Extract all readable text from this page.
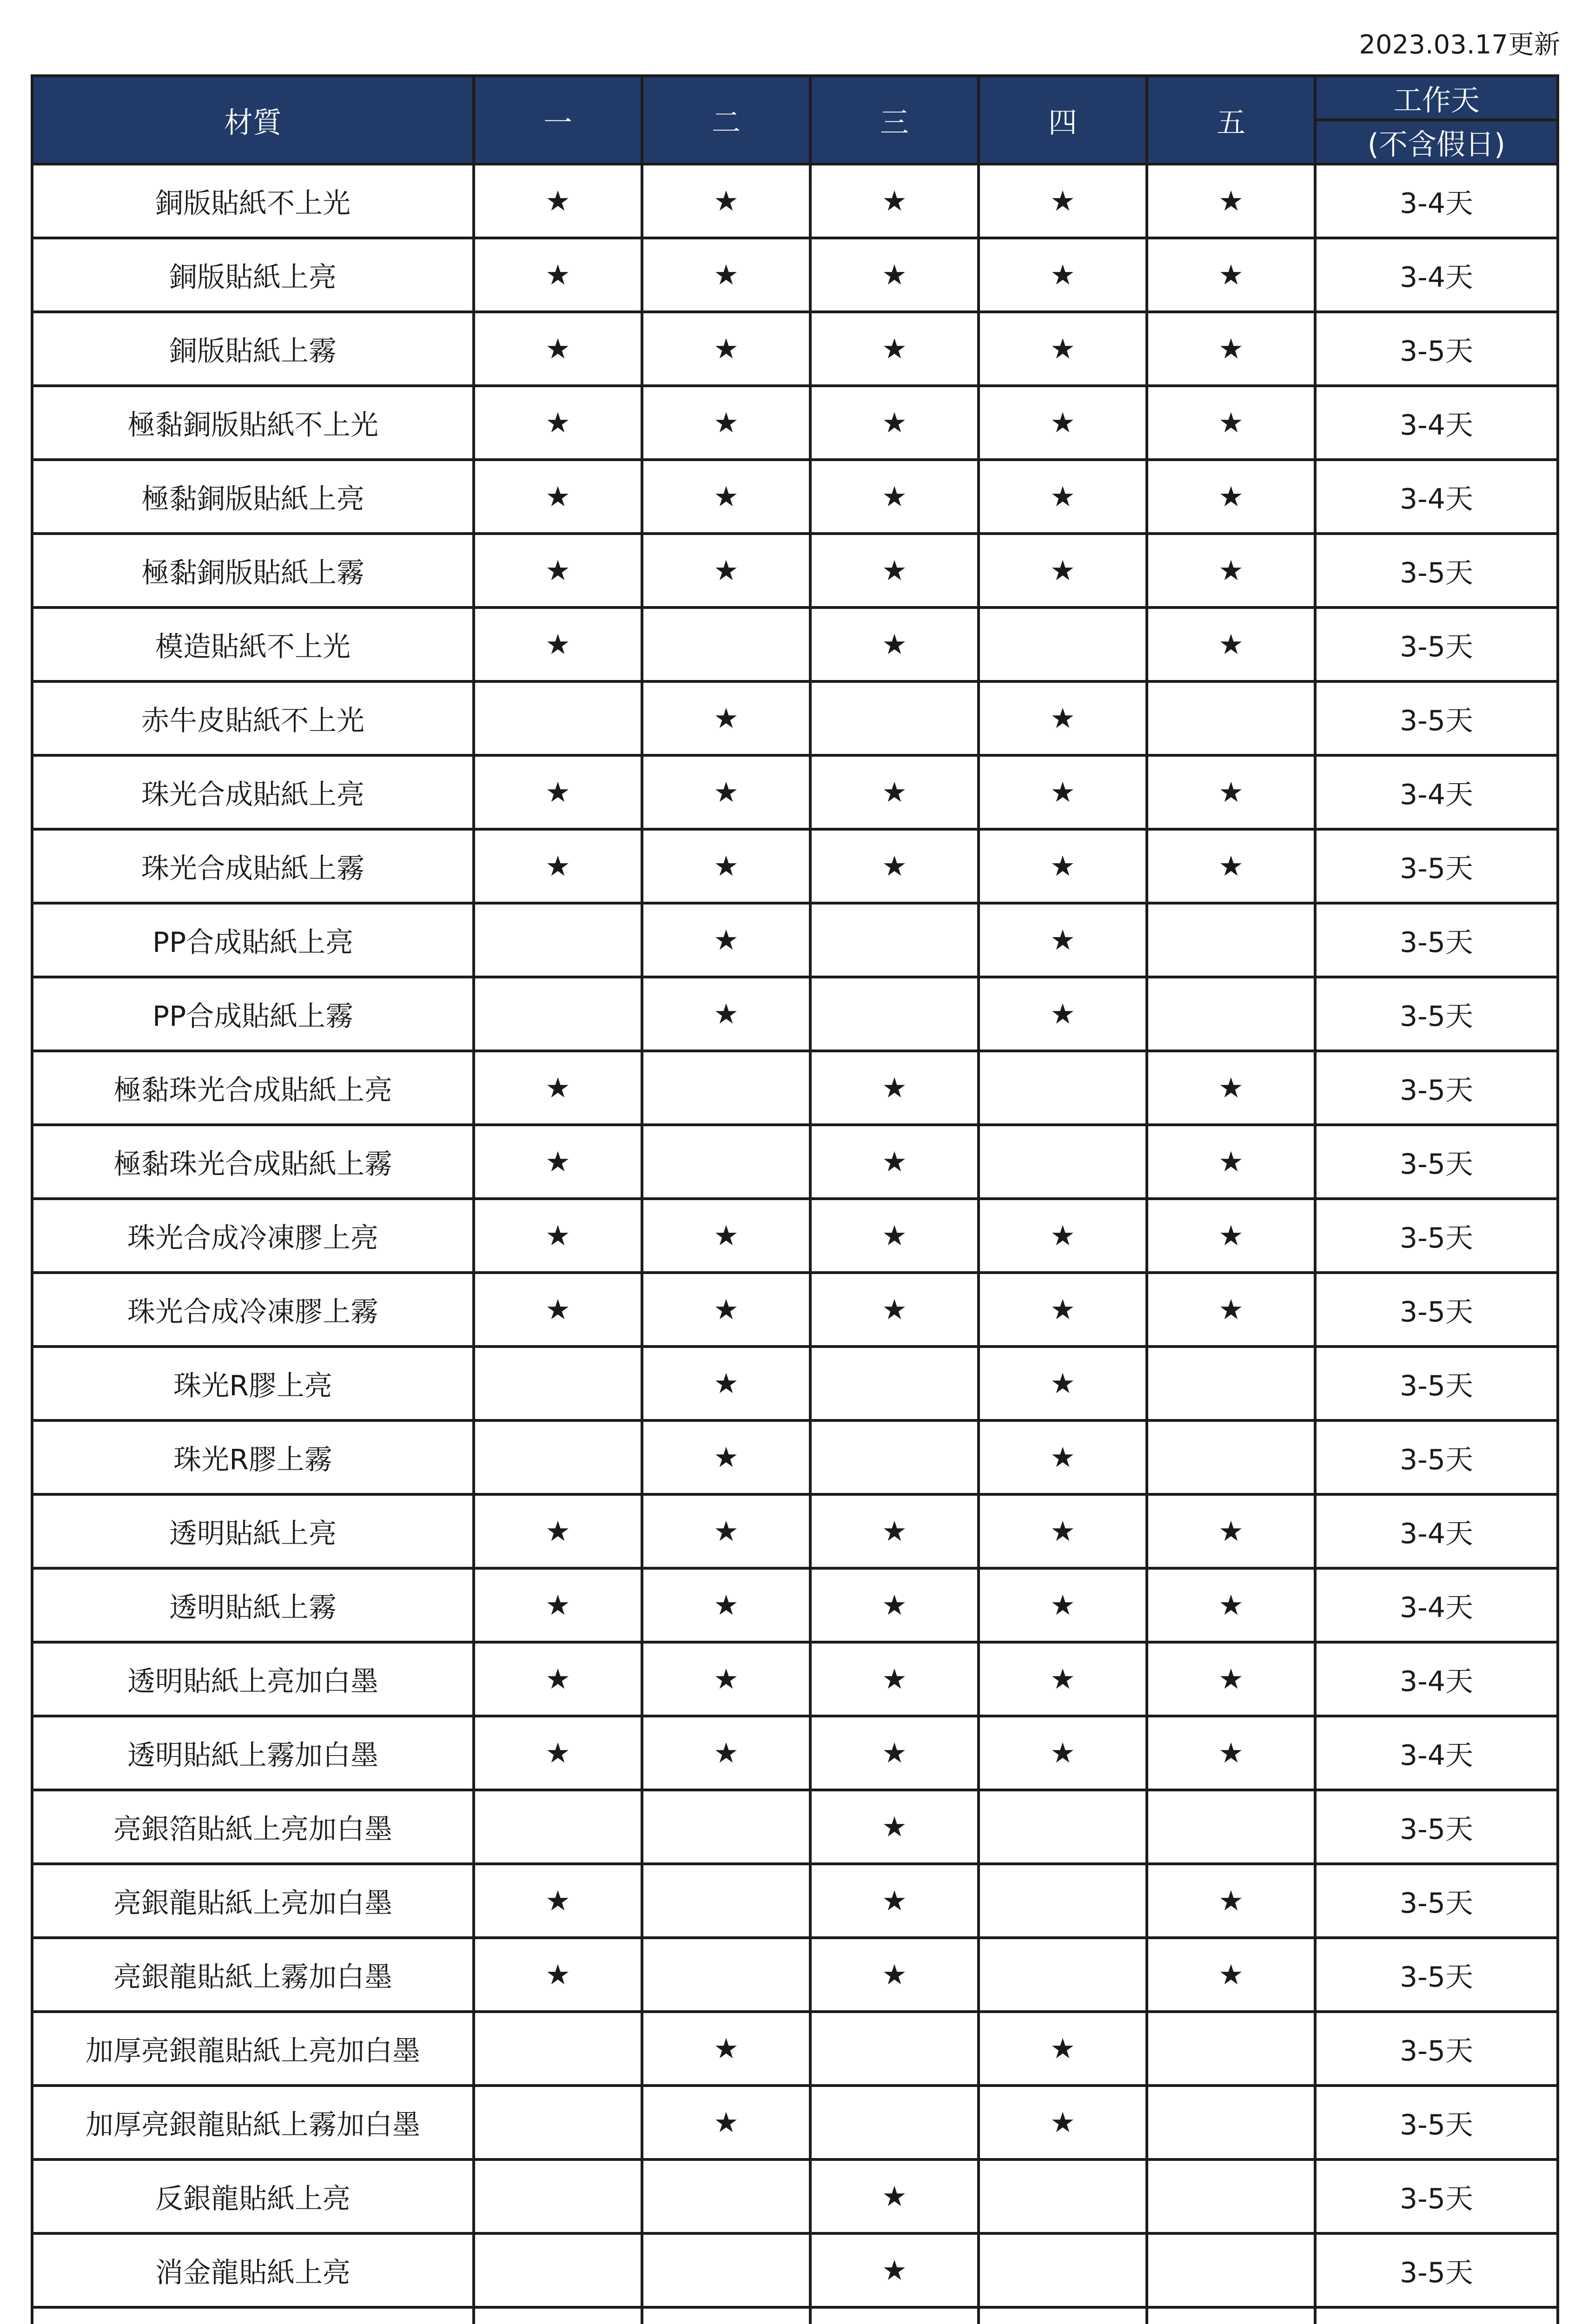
2023.03.17更新
材質	一	二	三	四	五	工作天
						(不含假日)
銅版貼紙不上光	★	★	★	★	★	3-4天
銅版貼紙上亮	★	★	★	★	★	3-4天
銅版貼紙上霧	★	★	★	★	★	3-5天
極黏銅版貼紙不上光	★	★	★	★	★	3-4天
極黏銅版貼紙上亮	★	★	★	★	★	3-4天
極黏銅版貼紙上霧	★	★	★	★	★	3-5天
模造貼紙不上光	★		★		★	3-5天
赤牛皮貼紙不上光		★		★		3-5天
珠光合成貼紙上亮	★	★	★	★	★	3-4天
珠光合成貼紙上霧	★	★	★	★	★	3-5天
PP合成貼紙上亮		★		★		3-5天
PP合成貼紙上霧		★		★		3-5天
極黏珠光合成貼紙上亮	★		★		★	3-5天
極黏珠光合成貼紙上霧	★		★		★	3-5天
珠光合成冷凍膠上亮	★	★	★	★	★	3-5天
珠光合成冷凍膠上霧	★	★	★	★	★	3-5天
珠光R膠上亮		★		★		3-5天
珠光R膠上霧		★		★		3-5天
透明貼紙上亮	★	★	★	★	★	3-4天
透明貼紙上霧	★	★	★	★	★	3-4天
透明貼紙上亮加白墨	★	★	★	★	★	3-4天
透明貼紙上霧加白墨	★	★	★	★	★	3-4天
亮銀箔貼紙上亮加白墨			★			3-5天
亮銀龍貼紙上亮加白墨	★		★		★	3-5天
亮銀龍貼紙上霧加白墨	★		★		★	3-5天
加厚亮銀龍貼紙上亮加白墨		★		★		3-5天
加厚亮銀龍貼紙上霧加白墨		★		★		3-5天
反銀龍貼紙上亮			★			3-5天
消金龍貼紙上亮			★			3-5天
